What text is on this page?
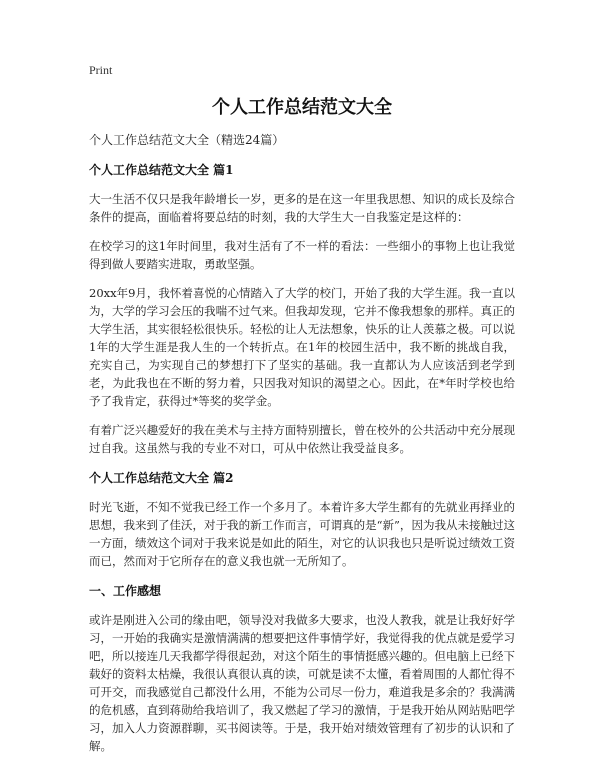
Print
个人工作总结范文大全

个人工作总结范文大全（精选24篇）

个人工作总结范文大全 篇1

大一生活不仅只是我年龄增长一岁，更多的是在这一年里我思想、知识的成长及综合条件的提高，面临着将要总结的时刻，我的大学生大一自我鉴定是这样的：

在校学习的这1年时间里，我对生活有了不一样的看法：一些细小的事物上也让我觉得到做人要踏实进取，勇敢坚强。

20xx年9月，我怀着喜悦的心情踏入了大学的校门，开始了我的大学生涯。我一直以为，大学的学习会压的我喘不过气来。但我却发现，它并不像我想象的那样。真正的大学生活，其实很轻松很快乐。轻松的让人无法想象，快乐的让人羡慕之极。可以说1年的大学生涯是我人生的一个转折点。在1年的校园生活中，我不断的挑战自我，充实自己，为实现自己的梦想打下了坚实的基础。我一直都认为人应该活到老学到老，为此我也在不断的努力着，只因我对知识的渴望之心。因此，在*年时学校也给予了我肯定，获得过*等奖的奖学金。

有着广泛兴趣爱好的我在美术与主持方面特别擅长，曾在校外的公共活动中充分展现过自我。这虽然与我的专业不对口，可从中依然让我受益良多。

个人工作总结范文大全 篇2

时光飞逝，不知不觉我已经工作一个多月了。本着许多大学生都有的先就业再择业的思想，我来到了佳沃，对于我的新工作而言，可谓真的是“新”，因为我从未接触过这一方面，绩效这个词对于我来说是如此的陌生，对它的认识我也只是听说过绩效工资而已，然而对于它所存在的意义我也就一无所知了。

一、工作感想

或许是刚进入公司的缘由吧，领导没对我做多大要求，也没人教我，就是让我好好学习，一开始的我确实是激情满满的想要把这件事情学好，我觉得我的优点就是爱学习吧，所以接连几天我都学得很起劲，对这个陌生的事情挺感兴趣的。但电脑上已经下载好的资料太枯燥，我很认真很认真的读，可就是读不太懂，看着周围的人都忙得不可开交，而我感觉自己都没什么用，不能为公司尽一份力，难道我是多余的？我满满的危机感，直到蒋勋给我培训了，我又燃起了学习的激情，于是我开始从网站贴吧学习，加入人力资源群聊，买书阅读等。于是，我开始对绩效管理有了初步的认识和了解。
